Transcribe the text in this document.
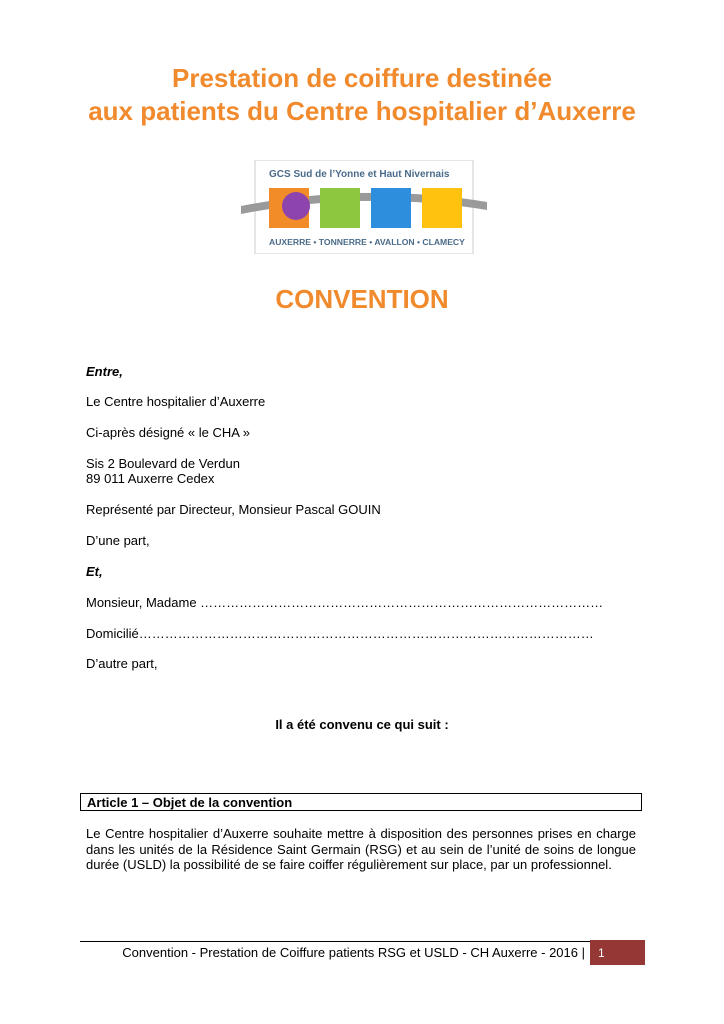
Prestation de coiffure destinée
aux patients du Centre hospitalier d’Auxerre
GCS Sud de l’Yonne et Haut Nivernais
AUXERRE • TONNERRE • AVALLON • CLAMECY
CONVENTION
Entre,
Le Centre hospitalier d’Auxerre
Ci-après désigné « le CHA »
Sis 2 Boulevard de Verdun
89 011 Auxerre Cedex
Représenté par Directeur, Monsieur Pascal GOUIN
D’une part,
Et,
Monsieur, Madame …………………………………………………………………………………
Domicilié……………………………………………………………………………………………
D’autre part,
Il a été convenu ce qui suit :
Article 1 – Objet de la convention
Le Centre hospitalier d’Auxerre souhaite mettre à disposition des personnes prises en charge dans les unités de la Résidence Saint Germain (RSG) et au sein de l’unité de soins de longue durée (USLD) la possibilité de se faire coiffer régulièrement sur place, par un professionnel.
Convention - Prestation de Coiffure patients RSG et USLD - CH Auxerre - 2016 | 1
